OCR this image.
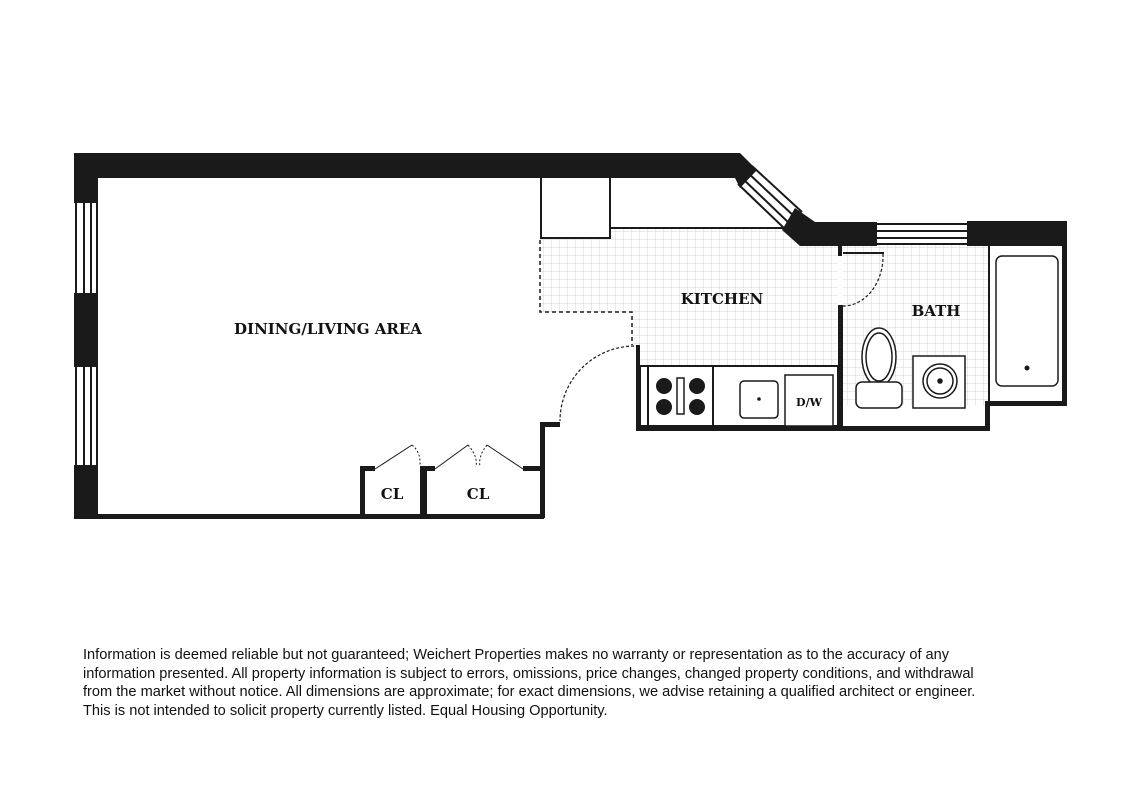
D/W
DINING/LIVING AREA
KITCHEN
BATH
CL	CL

Information is deemed reliable but not guaranteed; Weichert Properties makes no warranty or representation as to the accuracy of any information presented. All property information is subject to errors, omissions, price changes, changed property conditions, and withdrawal from the market without notice. All dimensions are approximate; for exact dimensions, we advise retaining a qualified architect or engineer. This is not intended to solicit property currently listed. Equal Housing Opportunity.
